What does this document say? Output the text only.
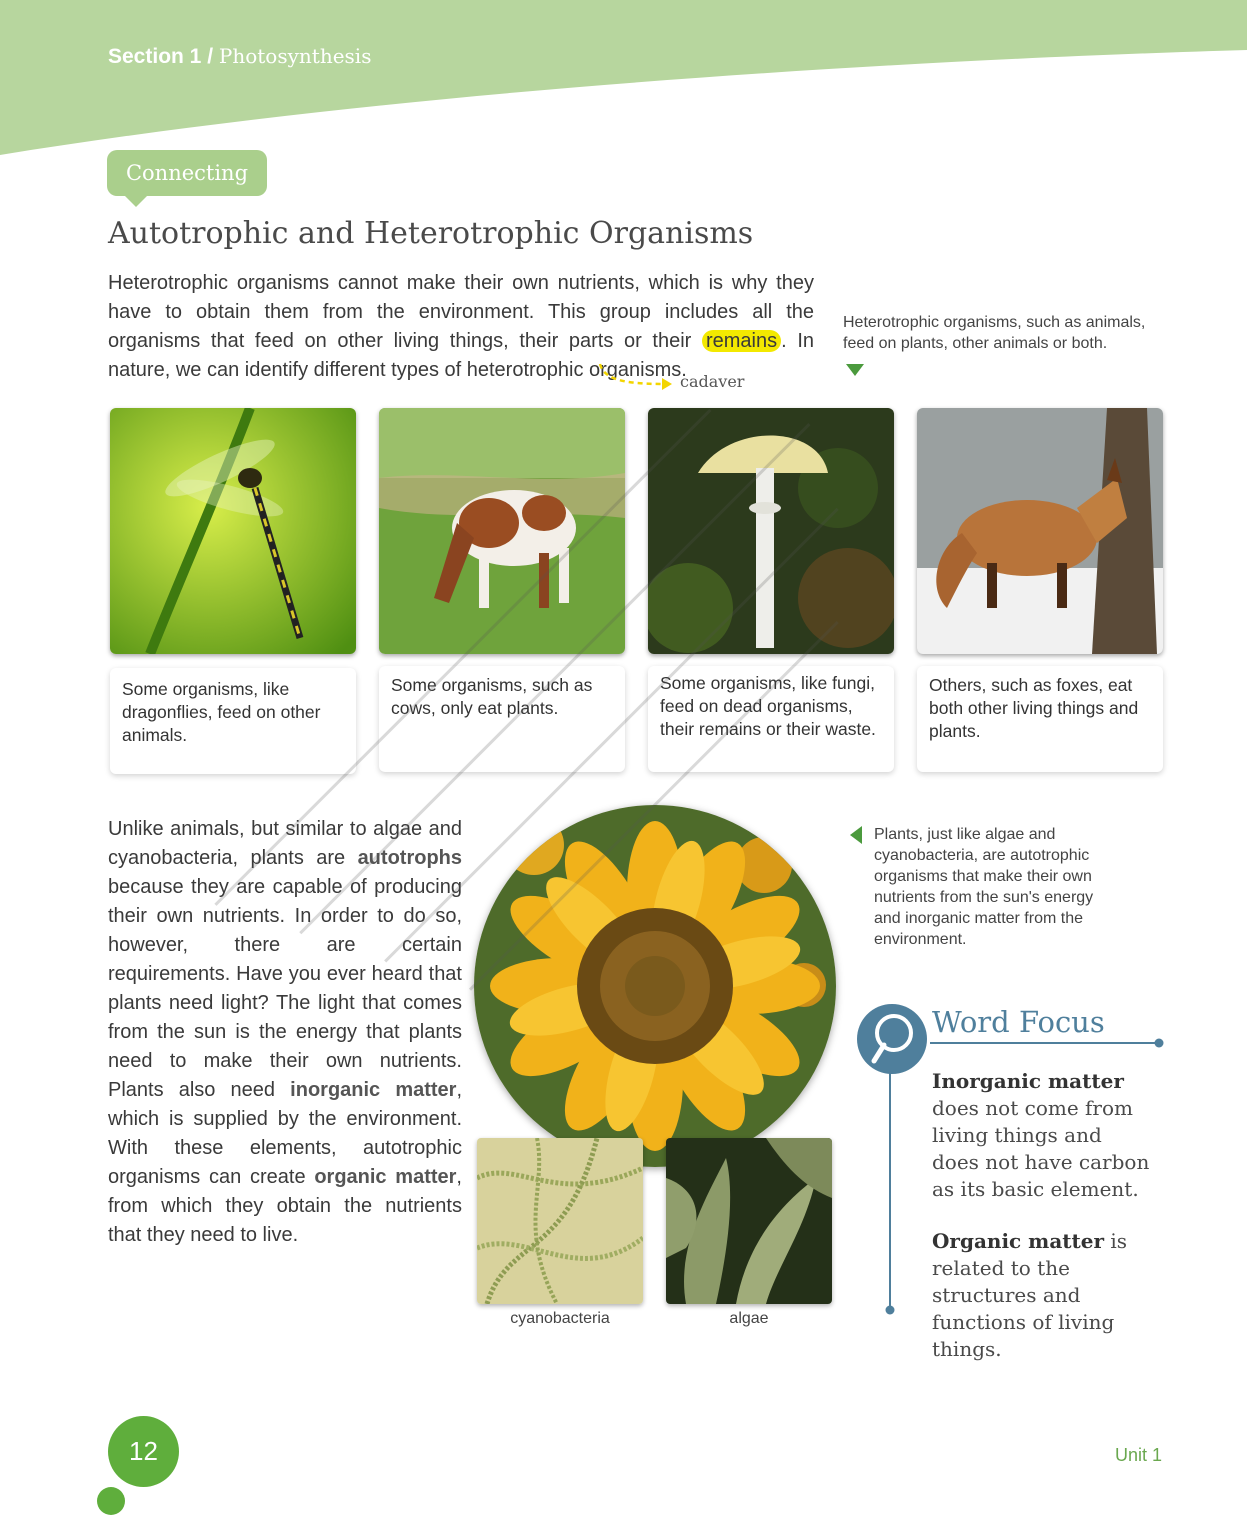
Section 1 / Photosynthesis
Connecting
Autotrophic and Heterotrophic Organisms
Heterotrophic organisms cannot make their own nutrients, which is why they have to obtain them from the environment. This group includes all the organisms that feed on other living things, their parts or their remains . In nature, we can identify different types of heterotrophic organisms.
cadaver
Heterotrophic organisms, such as animals, feed on plants, other animals or both.
Some organisms, like dragonflies, feed on other animals.
Some organisms, such as cows, only eat plants.
Some organisms, like fungi, feed on dead organisms, their remains or their waste.
Others, such as foxes, eat both other living things and plants.
Unlike animals, but similar to algae and cyanobacteria, plants are autotrophs because they are capable of producing their own nutrients. In order to do so, however, there are certain requirements. Have you ever heard that plants need light? The light that comes from the sun is the energy that plants need to make their own nutrients. Plants also need inorganic matter, which is supplied by the environment. With these elements, autotrophic organisms can create organic matter, from which they obtain the nutrients that they need to live.
cyanobacteria	algae
Plants, just like algae and cyanobacteria, are autotrophic organisms that make their own nutrients from the sun's energy and inorganic matter from the environment.
Word Focus
Inorganic matter does not come from living things and does not have carbon as its basic element.
Organic matter is related to the structures and functions of living things.
12	Unit 1
